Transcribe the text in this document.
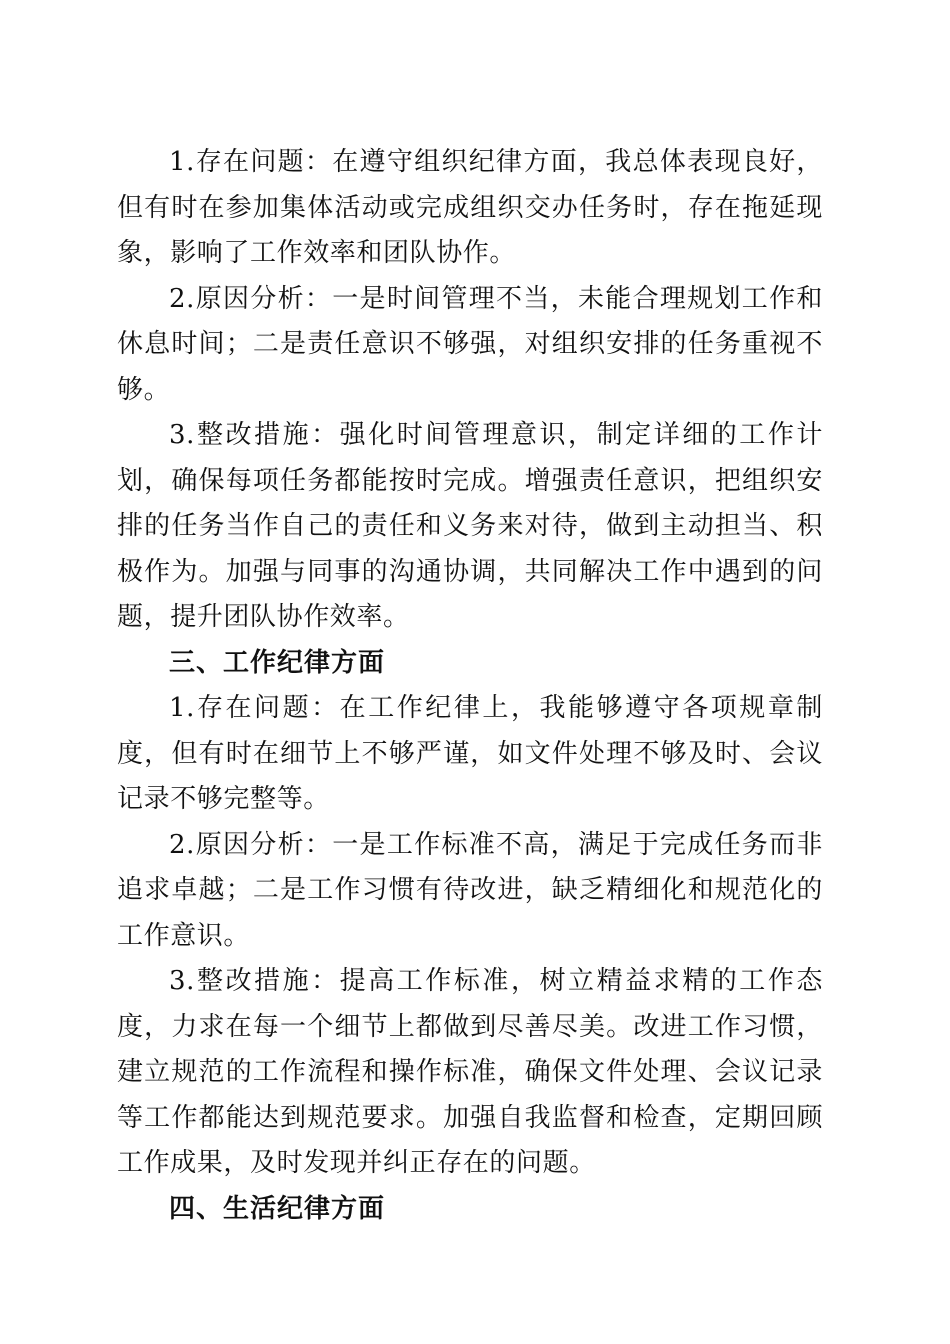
1.存在问题：在遵守组织纪律方面，我总体表现良好，但有时在参加集体活动或完成组织交办任务时，存在拖延现象，影响了工作效率和团队协作。

2.原因分析：一是时间管理不当，未能合理规划工作和休息时间；二是责任意识不够强，对组织安排的任务重视不够。

3.整改措施：强化时间管理意识，制定详细的工作计划，确保每项任务都能按时完成。增强责任意识，把组织安排的任务当作自己的责任和义务来对待，做到主动担当、积极作为。加强与同事的沟通协调，共同解决工作中遇到的问题，提升团队协作效率。

三、工作纪律方面

1.存在问题：在工作纪律上，我能够遵守各项规章制度，但有时在细节上不够严谨，如文件处理不够及时、会议记录不够完整等。

2.原因分析：一是工作标准不高，满足于完成任务而非追求卓越；二是工作习惯有待改进，缺乏精细化和规范化的工作意识。

3.整改措施：提高工作标准，树立精益求精的工作态度，力求在每一个细节上都做到尽善尽美。改进工作习惯，建立规范的工作流程和操作标准，确保文件处理、会议记录等工作都能达到规范要求。加强自我监督和检查，定期回顾工作成果，及时发现并纠正存在的问题。

四、生活纪律方面
